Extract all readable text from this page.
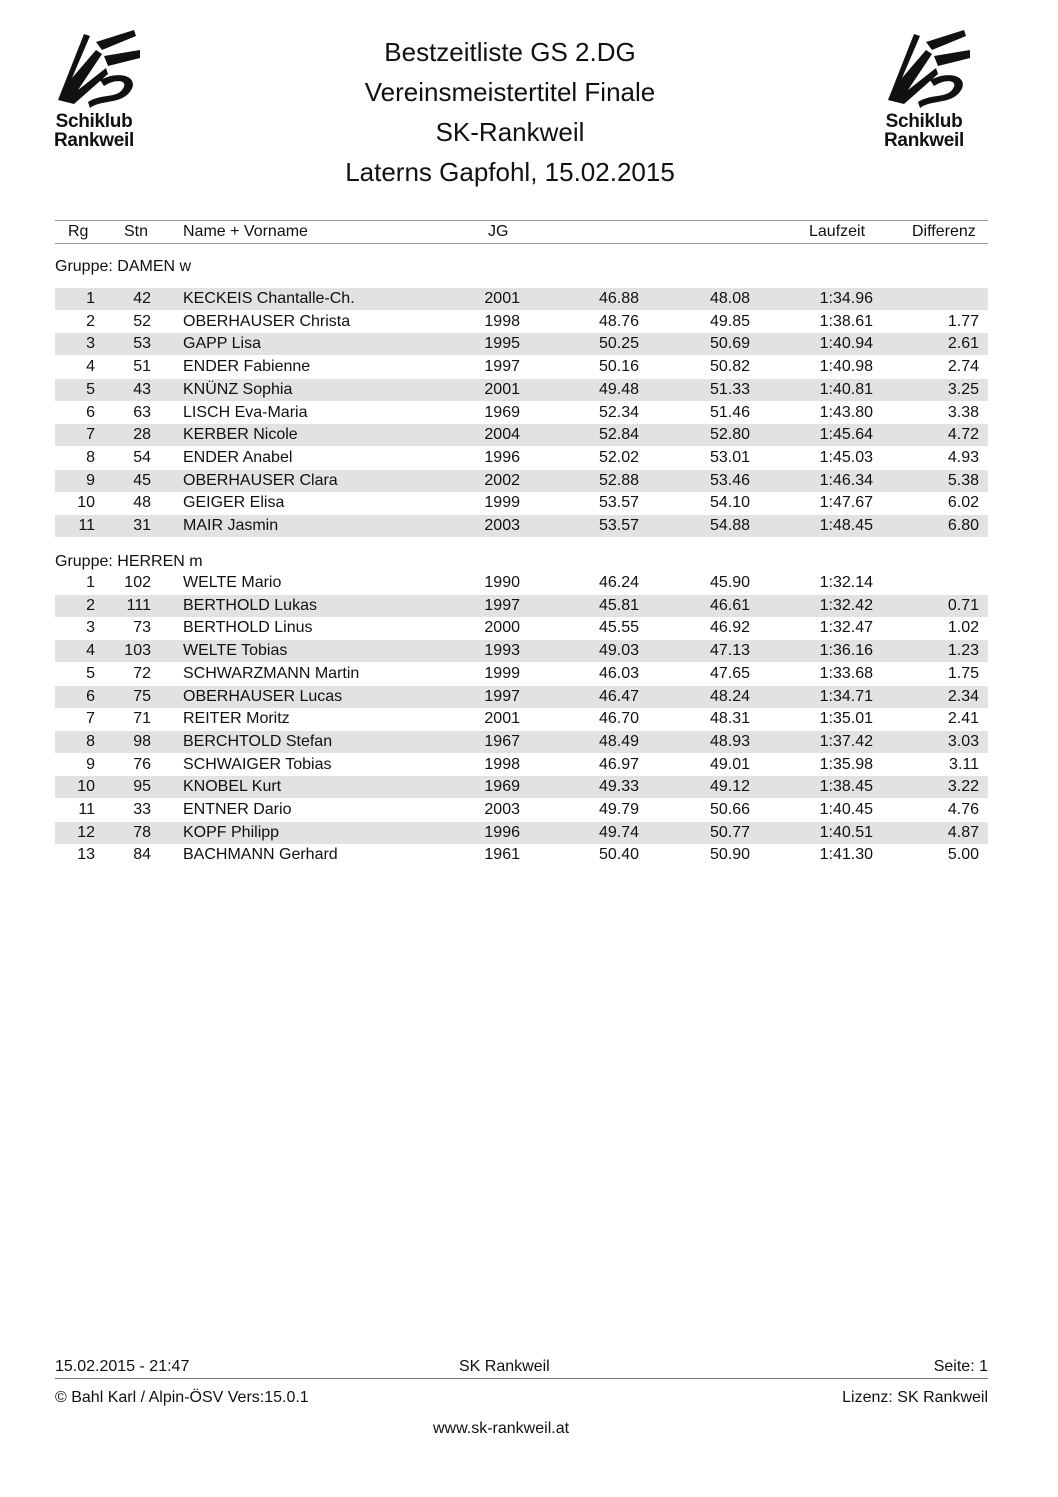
Schiklub
Rankweil
Schiklub
Rankweil
Bestzeitliste GS 2.DG
Vereinsmeistertitel Finale
SK-Rankweil
Laterns Gapfohl, 15.02.2015
Rg Stn Name + Vorname	JG	Laufzeit	Differenz
Gruppe: DAMEN w
1	42 KECKEIS Chantalle-Ch.	2001	46.88	48.08	1:34.96
2	52 OBERHAUSER Christa	1998	48.76	49.85	1:38.61	1.77
3	53 GAPP Lisa	1995	50.25	50.69	1:40.94	2.61
4	51 ENDER Fabienne	1997	50.16	50.82	1:40.98	2.74
5	43 KNÜNZ Sophia	2001	49.48	51.33	1:40.81	3.25
6	63 LISCH Eva-Maria	1969	52.34	51.46	1:43.80	3.38
7	28 KERBER Nicole	2004	52.84	52.80	1:45.64	4.72
8	54 ENDER Anabel	1996	52.02	53.01	1:45.03	4.93
9	45 OBERHAUSER Clara	2002	52.88	53.46	1:46.34	5.38
10	48 GEIGER Elisa	1999	53.57	54.10	1:47.67	6.02
11	31 MAIR Jasmin	2003	53.57	54.88	1:48.45	6.80
Gruppe: HERREN m
1	102 WELTE Mario	1990	46.24	45.90	1:32.14
2	111 BERTHOLD Lukas	1997	45.81	46.61	1:32.42	0.71
3	73 BERTHOLD Linus	2000	45.55	46.92	1:32.47	1.02
4	103 WELTE Tobias	1993	49.03	47.13	1:36.16	1.23
5	72 SCHWARZMANN Martin	1999	46.03	47.65	1:33.68	1.75
6	75 OBERHAUSER Lucas	1997	46.47	48.24	1:34.71	2.34
7	71 REITER Moritz	2001	46.70	48.31	1:35.01	2.41
8	98 BERCHTOLD Stefan	1967	48.49	48.93	1:37.42	3.03
9	76 SCHWAIGER Tobias	1998	46.97	49.01	1:35.98	3.11
10	95 KNOBEL Kurt	1969	49.33	49.12	1:38.45	3.22
11	33 ENTNER Dario	2003	49.79	50.66	1:40.45	4.76
12	78 KOPF Philipp	1996	49.74	50.77	1:40.51	4.87
13	84 BACHMANN Gerhard	1961	50.40	50.90	1:41.30	5.00
15.02.2015 - 21:47	SK Rankweil	Seite: 1
© Bahl Karl / Alpin-ÖSV Vers:15.0.1	Lizenz: SK Rankweil
www.sk-rankweil.at
